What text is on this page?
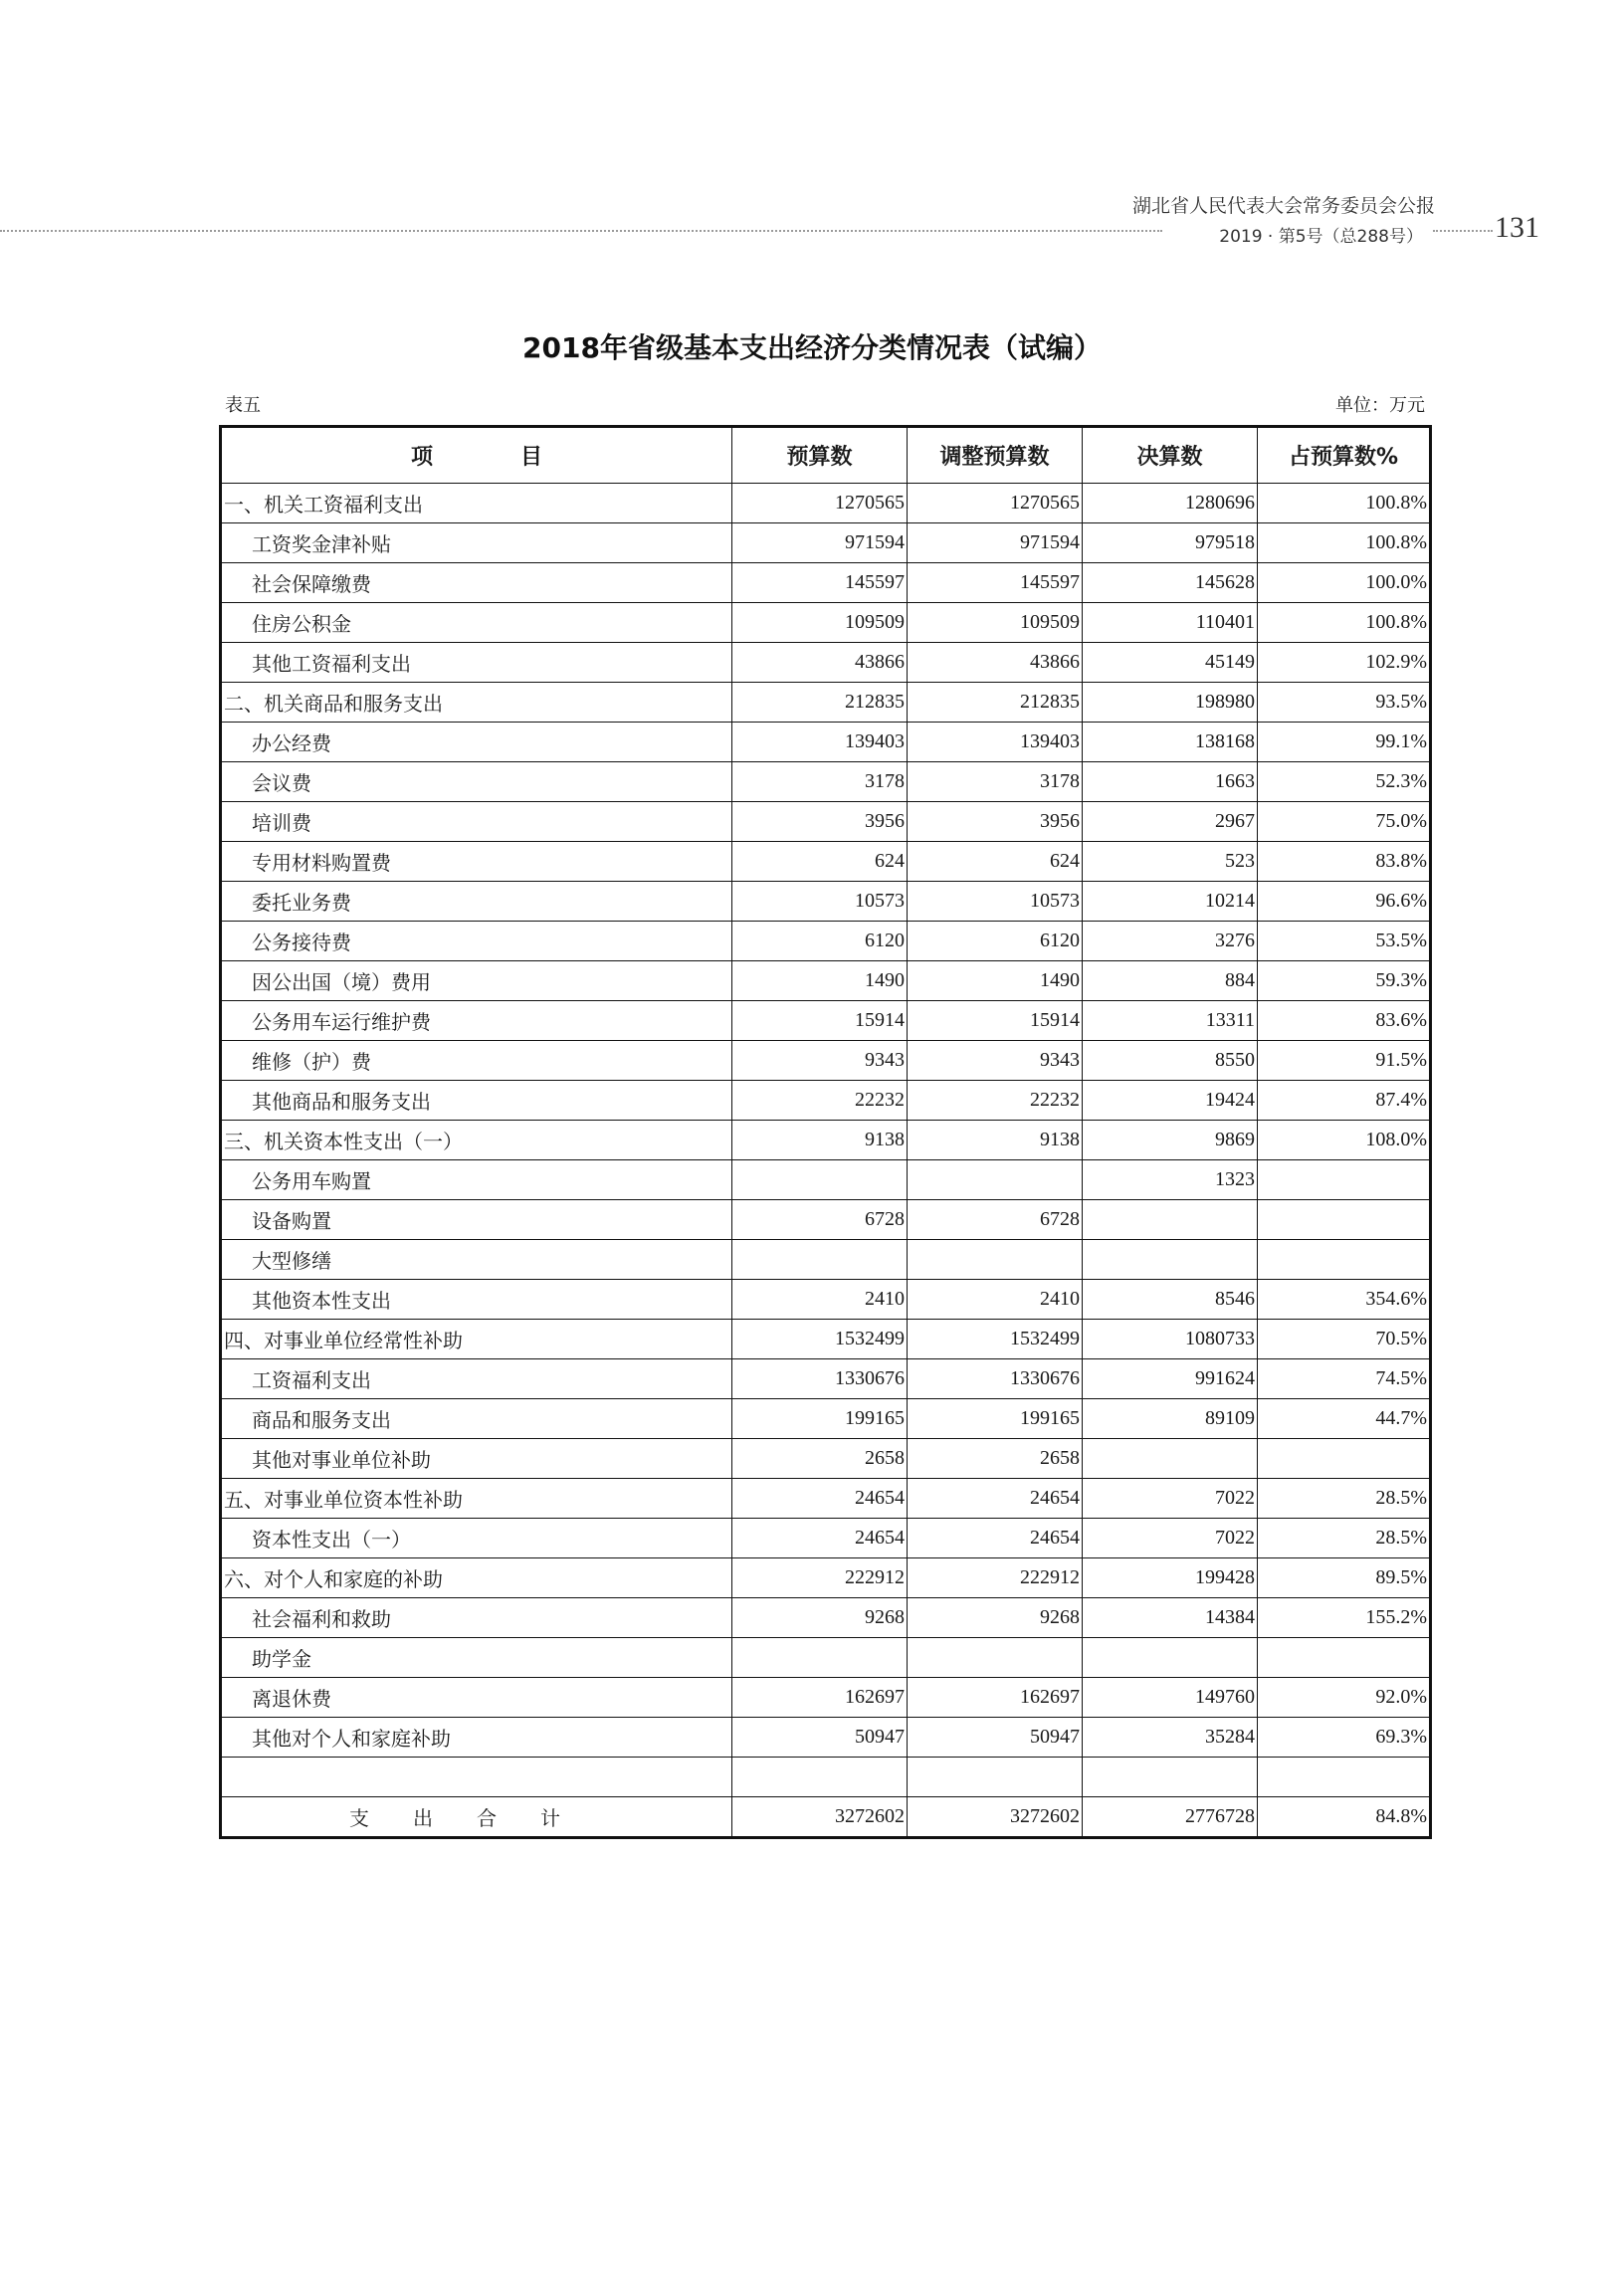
湖北省人民代表大会常务委员会公报
2019 · 第5号（总288号） 131
2018年省级基本支出经济分类情况表（试编）
表五	单位：万元
项　　　　目	预算数	调整预算数	决算数	占预算数%
一、机关工资福利支出	1270565	1270565	1280696	100.8%
工资奖金津补贴	971594	971594	979518	100.8%
社会保障缴费	145597	145597	145628	100.0%
住房公积金	109509	109509	110401	100.8%
其他工资福利支出	43866	43866	45149	102.9%
二、机关商品和服务支出	212835	212835	198980	93.5%
办公经费	139403	139403	138168	99.1%
会议费	3178	3178	1663	52.3%
培训费	3956	3956	2967	75.0%
专用材料购置费	624	624	523	83.8%
委托业务费	10573	10573	10214	96.6%
公务接待费	6120	6120	3276	53.5%
因公出国（境）费用	1490	1490	884	59.3%
公务用车运行维护费	15914	15914	13311	83.6%
维修（护）费	9343	9343	8550	91.5%
其他商品和服务支出	22232	22232	19424	87.4%
三、机关资本性支出（一）	9138	9138	9869	108.0%
公务用车购置			1323	
设备购置	6728	6728		
大型修缮				
其他资本性支出	2410	2410	8546	354.6%
四、对事业单位经常性补助	1532499	1532499	1080733	70.5%
工资福利支出	1330676	1330676	991624	74.5%
商品和服务支出	199165	199165	89109	44.7%
其他对事业单位补助	2658	2658		
五、对事业单位资本性补助	24654	24654	7022	28.5%
资本性支出（一）	24654	24654	7022	28.5%
六、对个人和家庭的补助	222912	222912	199428	89.5%
社会福利和救助	9268	9268	14384	155.2%
助学金				
离退休费	162697	162697	149760	92.0%
其他对个人和家庭补助	50947	50947	35284	69.3%

支出合计	3272602	3272602	2776728	84.8%
